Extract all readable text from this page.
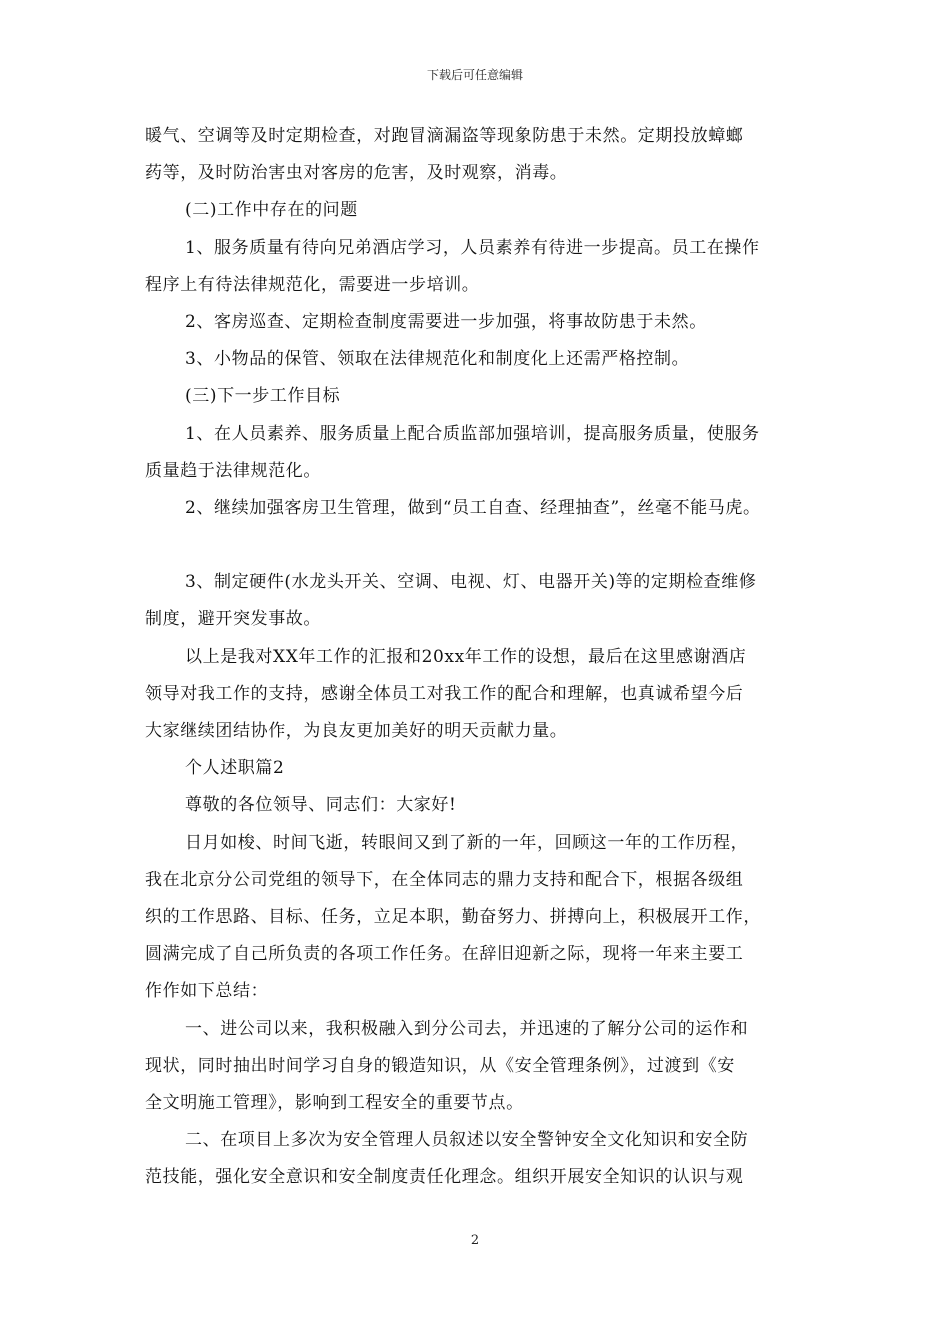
下载后可任意编辑
暖气、空调等及时定期检查，对跑冒滴漏盗等现象防患于未然。定期投放蟑螂
药等，及时防治害虫对客房的危害，及时观察，消毒。
(二)工作中存在的问题
1、服务质量有待向兄弟酒店学习，人员素养有待进一步提高。员工在操作
程序上有待法律规范化，需要进一步培训。
2、客房巡查、定期检查制度需要进一步加强，将事故防患于未然。
3、小物品的保管、领取在法律规范化和制度化上还需严格控制。
(三)下一步工作目标
1、在人员素养、服务质量上配合质监部加强培训，提高服务质量，使服务
质量趋于法律规范化。
2、继续加强客房卫生管理，做到“员工自查、经理抽查”，丝毫不能马虎。
3、制定硬件(水龙头开关、空调、电视、灯、电器开关)等的定期检查维修
制度，避开突发事故。
以上是我对XX年工作的汇报和20xx年工作的设想，最后在这里感谢酒店
领导对我工作的支持，感谢全体员工对我工作的配合和理解，也真诚希望今后
大家继续团结协作，为良友更加美好的明天贡献力量。
个人述职篇2
尊敬的各位领导、同志们：大家好!
日月如梭、时间飞逝，转眼间又到了新的一年，回顾这一年的工作历程，
我在北京分公司党组的领导下，在全体同志的鼎力支持和配合下，根据各级组
织的工作思路、目标、任务，立足本职，勤奋努力、拼搏向上，积极展开工作，
圆满完成了自己所负责的各项工作任务。在辞旧迎新之际，现将一年来主要工
作作如下总结：
一、进公司以来，我积极融入到分公司去，并迅速的了解分公司的运作和
现状，同时抽出时间学习自身的锻造知识，从《安全管理条例》，过渡到《安
全文明施工管理》，影响到工程安全的重要节点。
二、在项目上多次为安全管理人员叙述以安全警钟安全文化知识和安全防
范技能，强化安全意识和安全制度责任化理念。组织开展安全知识的认识与观
2
